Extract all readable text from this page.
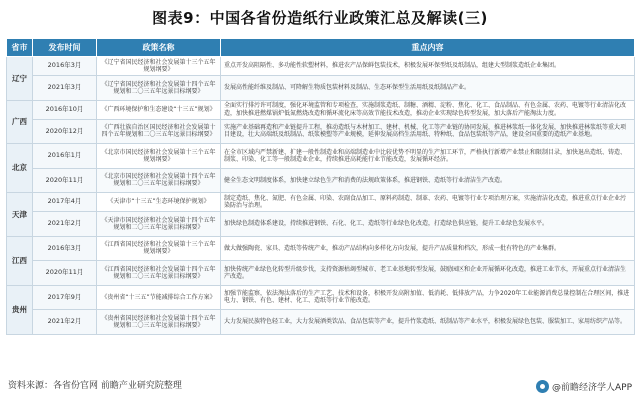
图表9：中国各省份造纸行业政策汇总及解读(三)
省市	发布时间	政策名称	重点内容
辽宁	2016年3月	《辽宁省国民经济和社会发展第十三个五年规划纲要》	重点开发高阻隔性、多功能性软塑材料，推进农产品保鲜包装技术，积极发展环保型纸及纸制品，组建大型制浆造纸企业集团。
	2021年3月	《辽宁省国民经济和社会发展第十四个五年规划和二〇三五年远景目标纲要》	发展高性能纤维及制品、可降解生物质包装材料及制品、生态环保型生活用纸及纸制品产业。
广西	2016年10月	《广西环境保护和生态建设“十三五”规划》	全面实行排污许可制度，强化环境监管和专项检查，实施制浆造纸、制糖、酒精、淀粉、焦化、化工、食品制品、有色金属、农药、电镀等行业清洁化改造，加快推进燃煤锅炉低氮燃烧改造和循环流化床等高效节能技术改造，推动企业实现绿色转型发展，加大落后产能淘汰力度。
	2020年12月	《广西壮族自治区国民经济和社会发展第十四个五年规划和二〇三五年远景目标纲要》	实施产业基础再造和产业链提升工程，推动造纸与木材加工、建材、机械、化工等产业链的协同发展，推进林浆纸一体化发展，加快推进林浆纸等重大项目建设，壮大高端纸及纸制品、纸浆模塑等产业规模，延伸发展高档生活用纸、特种纸、食品包装纸等产品，建设全国重要的造纸产业基地。
北京	2016年1月	《北京市国民经济和社会发展第十三个五年规划纲要》	在全市区域内严禁新建、扩建一般性制造业和高端制造业中比较优势不明显的生产加工环节，严格执行新增产业禁止和限制目录，加快退出造纸、铸造、制浆、印染、化工等一般制造业企业，持续推进高耗能行业节能改造，发展循环经济。
	2020年11月	《北京市国民经济和社会发展第十四个五年规划和二〇三五年远景目标纲要》	健全生态文明制度体系，加快建立绿色生产和消费的法规政策体系，推进钢铁、造纸等行业清洁生产改造。
天津	2017年4月	《天津市“十三五”生态环境保护规划》	制定造纸、焦化、氮肥、有色金属、印染、农副食品加工、原料药制造、制革、农药、电镀等行业专项治理方案，实施清洁化改造，推进重点行业企业污染防治与治理。
	2021年2月	《天津市国民经济和社会发展第十四个五年规划和二〇三五年远景目标纲要》	加快绿色制造体系建设，持续推进钢铁、石化、化工、造纸等行业绿色化改造，打造绿色供应链，提升工业绿色发展水平。
江西	2016年3月	《江西省国民经济和社会发展第十三个五年规划纲要》	做大做强陶瓷、家具、造纸等传统产业，推动产品结构向多样化方向发展，提升产品质量和档次，形成一批有特色的产业集群。
	2020年11月	《江西省国民经济和社会发展第十四个五年规划和二〇三五年远景目标纲要》	加快传统产业绿色化转型升级步伐，支持资源枯竭型城市、老工业基地转型发展，鼓励园区和企业开展循环化改造，推进工业节水，开展重点行业清洁生产改造。
贵州	2017年9月	《贵州省“十三五”节能减排综合工作方案》	加强节能监察，依法淘汰落后的生产工艺、技术和设备，积极开发高附加值、低消耗、低排放产品，力争2020年工业能源消费总量控制在合理区间，推进电力、钢铁、有色、建材、化工、造纸等行业节能改造。
	2021年2月	《贵州省国民经济和社会发展第十四个五年规划和二〇三五年远景目标纲要》	大力发展民族特色轻工业，大力发展酒类饮品、食品包装等产业，提升竹浆造纸、纸制品等产业水平，积极发展绿色包装、服装加工、家用纺织产品等。
资料来源：各省份官网 前瞻产业研究院整理	@前瞻经济学人APP
